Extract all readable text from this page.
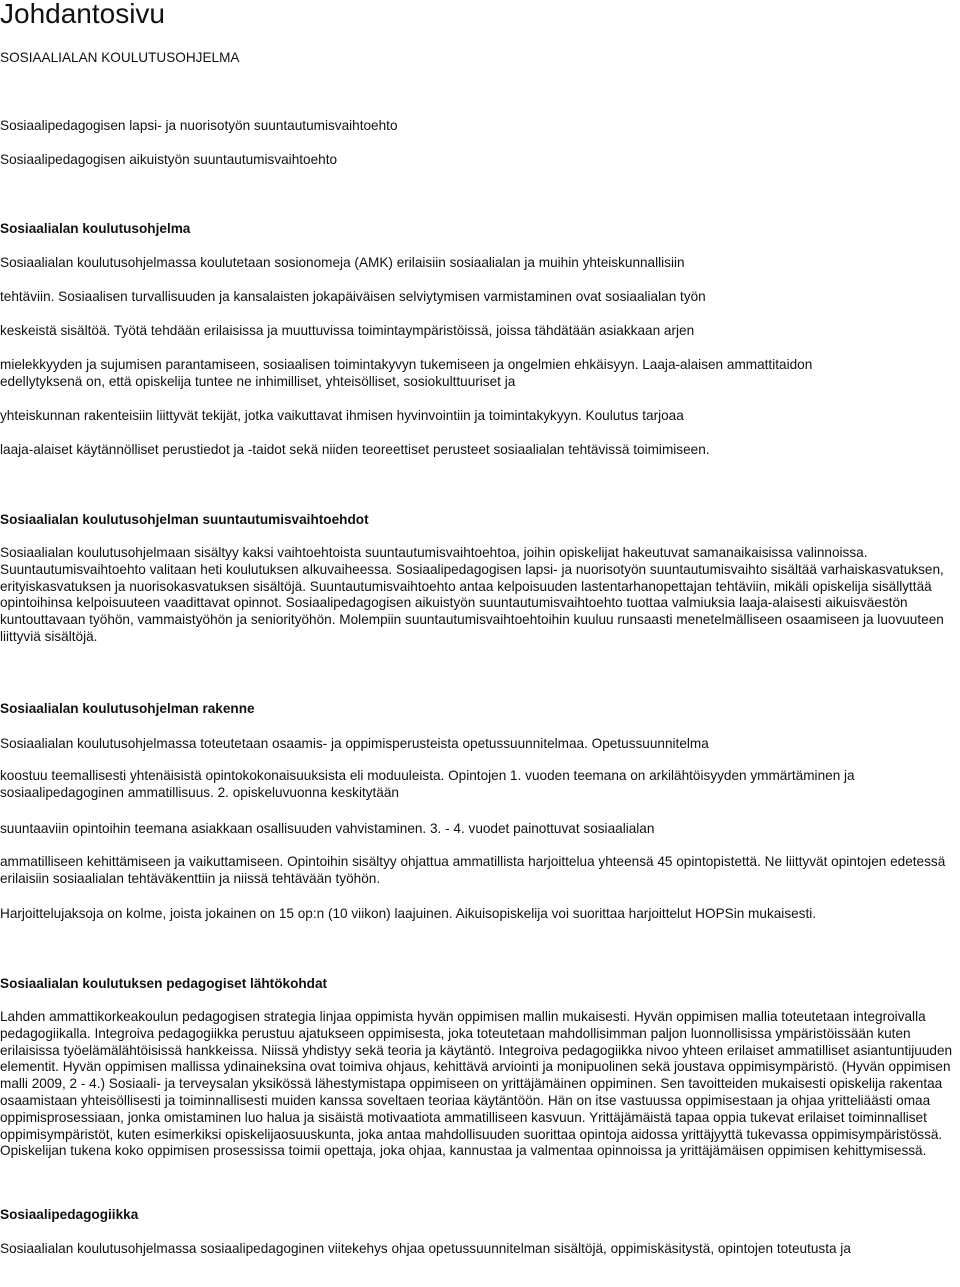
Johdantosivu

SOSIAALIALAN KOULUTUSOHJELMA

Sosiaalipedagogisen lapsi- ja nuorisotyön suuntautumisvaihtoehto

Sosiaalipedagogisen aikuistyön suuntautumisvaihtoehto

Sosiaalialan koulutusohjelma

Sosiaalialan koulutusohjelmassa koulutetaan sosionomeja (AMK) erilaisiin sosiaalialan ja muihin yhteiskunnallisiin

tehtäviin. Sosiaalisen turvallisuuden ja kansalaisten jokapäiväisen selviytymisen varmistaminen ovat sosiaalialan työn

keskeistä sisältöä. Työtä tehdään erilaisissa ja muuttuvissa toimintaympäristöissä, joissa tähdätään asiakkaan arjen

mielekkyyden ja sujumisen parantamiseen, sosiaalisen toimintakyvyn tukemiseen ja ongelmien ehkäisyyn. Laaja-alaisen ammattitaidon

edellytyksenä on, että opiskelija tuntee ne inhimilliset, yhteisölliset, sosiokulttuuriset ja

yhteiskunnan rakenteisiin liittyvät tekijät, jotka vaikuttavat ihmisen hyvinvointiin ja toimintakykyyn. Koulutus tarjoaa

laaja-alaiset käytännölliset perustiedot ja -taidot sekä niiden teoreettiset perusteet sosiaalialan tehtävissä toimimiseen.

Sosiaalialan koulutusohjelman suuntautumisvaihtoehdot

Sosiaalialan koulutusohjelmaan sisältyy kaksi vaihtoehtoista suuntautumisvaihtoehtoa, joihin opiskelijat hakeutuvat samanaikaisissa valinnoissa. Suuntautumisvaihtoehto valitaan heti koulutuksen alkuvaiheessa. Sosiaalipedagogisen lapsi- ja nuorisotyön suuntautumisvaihto sisältää varhaiskasvatuksen, erityiskasvatuksen ja nuorisokasvatuksen sisältöjä. Suuntautumisvaihtoehto antaa kelpoisuuden lastentarhanopettajan tehtäviin, mikäli opiskelija sisällyttää opintoihinsa kelpoisuuteen vaadittavat opinnot. Sosiaalipedagogisen aikuistyön suuntautumisvaihtoehto tuottaa valmiuksia laaja-alaisesti aikuisväestön kuntouttavaan työhön, vammaistyöhön ja seniorityöhön. Molempiin suuntautumisvaihtoehtoihin kuuluu runsaasti menetelmälliseen osaamiseen ja luovuuteen liittyviä sisältöjä.

Sosiaalialan koulutusohjelman rakenne

Sosiaalialan koulutusohjelmassa toteutetaan osaamis- ja oppimisperusteista opetussuunnitelmaa. Opetussuunnitelma

koostuu teemallisesti yhtenäisistä opintokokonaisuuksista eli moduuleista. Opintojen 1. vuoden teemana on arkilähtöisyyden ymmärtäminen ja sosiaalipedagoginen ammatillisuus. 2. opiskeluvuonna keskitytään

suuntaaviin opintoihin teemana asiakkaan osallisuuden vahvistaminen. 3. - 4. vuodet painottuvat sosiaalialan

ammatilliseen kehittämiseen ja vaikuttamiseen. Opintoihin sisältyy ohjattua ammatillista harjoittelua yhteensä 45 opintopistettä. Ne liittyvät opintojen edetessä erilaisiin sosiaalialan tehtäväkenttiin ja niissä tehtävään työhön.

Harjoittelujaksoja on kolme, joista jokainen on 15 op:n (10 viikon) laajuinen. Aikuisopiskelija voi suorittaa harjoittelut HOPSin mukaisesti.

Sosiaalialan koulutuksen pedagogiset lähtökohdat

Lahden ammattikorkeakoulun pedagogisen strategia linjaa oppimista hyvän oppimisen mallin mukaisesti. Hyvän oppimisen mallia toteutetaan integroivalla pedagogiikalla. Integroiva pedagogiikka perustuu ajatukseen oppimisesta, joka toteutetaan mahdollisimman paljon luonnollisissa ympäristöissään kuten erilaisissa työelämälähtöisissä hankkeissa. Niissä yhdistyy sekä teoria ja käytäntö. Integroiva pedagogiikka nivoo yhteen erilaiset ammatilliset asiantuntijuuden elementit. Hyvän oppimisen mallissa ydinaineksina ovat toimiva ohjaus, kehittävä arviointi ja monipuolinen sekä joustava oppimisympäristö. (Hyvän oppimisen malli 2009, 2 - 4.) Sosiaali- ja terveysalan yksikössä lähestymistapa oppimiseen on yrittäjämäinen oppiminen. Sen tavoitteiden mukaisesti opiskelija rakentaa osaamistaan yhteisöllisesti ja toiminnallisesti muiden kanssa soveltaen teoriaa käytäntöön. Hän on itse vastuussa oppimisestaan ja ohjaa yritteliäästi omaa oppimisprosessiaan, jonka omistaminen luo halua ja sisäistä motivaatiota ammatilliseen kasvuun. Yrittäjämäistä tapaa oppia tukevat erilaiset toiminnalliset oppimisympäristöt, kuten esimerkiksi opiskelijaosuuskunta, joka antaa mahdollisuuden suorittaa opintoja aidossa yrittäjyyttä tukevassa oppimisympäristössä. Opiskelijan tukena koko oppimisen prosessissa toimii opettaja, joka ohjaa, kannustaa ja valmentaa opinnoissa ja yrittäjämäisen oppimisen kehittymisessä.

Sosiaalipedagogiikka

Sosiaalialan koulutusohjelmassa sosiaalipedagoginen viitekehys ohjaa opetussuunnitelman sisältöjä, oppimiskäsitystä, opintojen toteutusta ja
